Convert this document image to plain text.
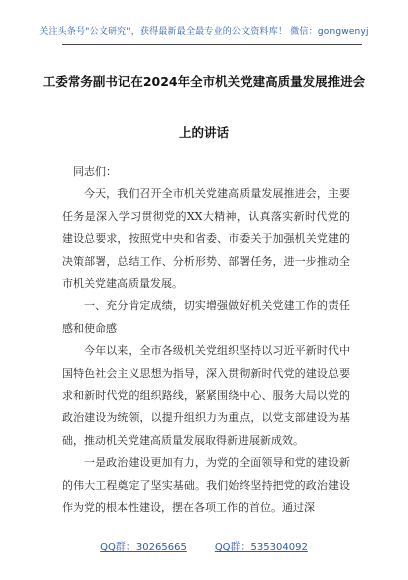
关注头条号"公文研究"，获得最新最全最专业的公文资料库！ 微信：gongwenyj
工委常务副书记在2024年全市机关党建高质量发展推进会
上的讲话

同志们：

今天，我们召开全市机关党建高质量发展推进会，主要任务是深入学习贯彻党的XX大精神，认真落实新时代党的建设总要求，按照党中央和省委、市委关于加强机关党建的决策部署，总结工作、分析形势、部署任务，进一步推动全市机关党建高质量发展。

一、充分肯定成绩，切实增强做好机关党建工作的责任感和使命感

今年以来，全市各级机关党组织坚持以习近平新时代中国特色社会主义思想为指导，深入贯彻新时代党的建设总要求和新时代党的组织路线，紧紧围绕中心、服务大局以党的政治建设为统领，以提升组织力为重点，以党支部建设为基础，推动机关党建高质量发展取得新进展新成效。

一是政治建设更加有力，为党的全面领导和党的建设新的伟大工程奠定了坚实基础。我们始终坚持把党的政治建设作为党的根本性建设，摆在各项工作的首位。通过深

QQ群：30265665	QQ群：535304092
